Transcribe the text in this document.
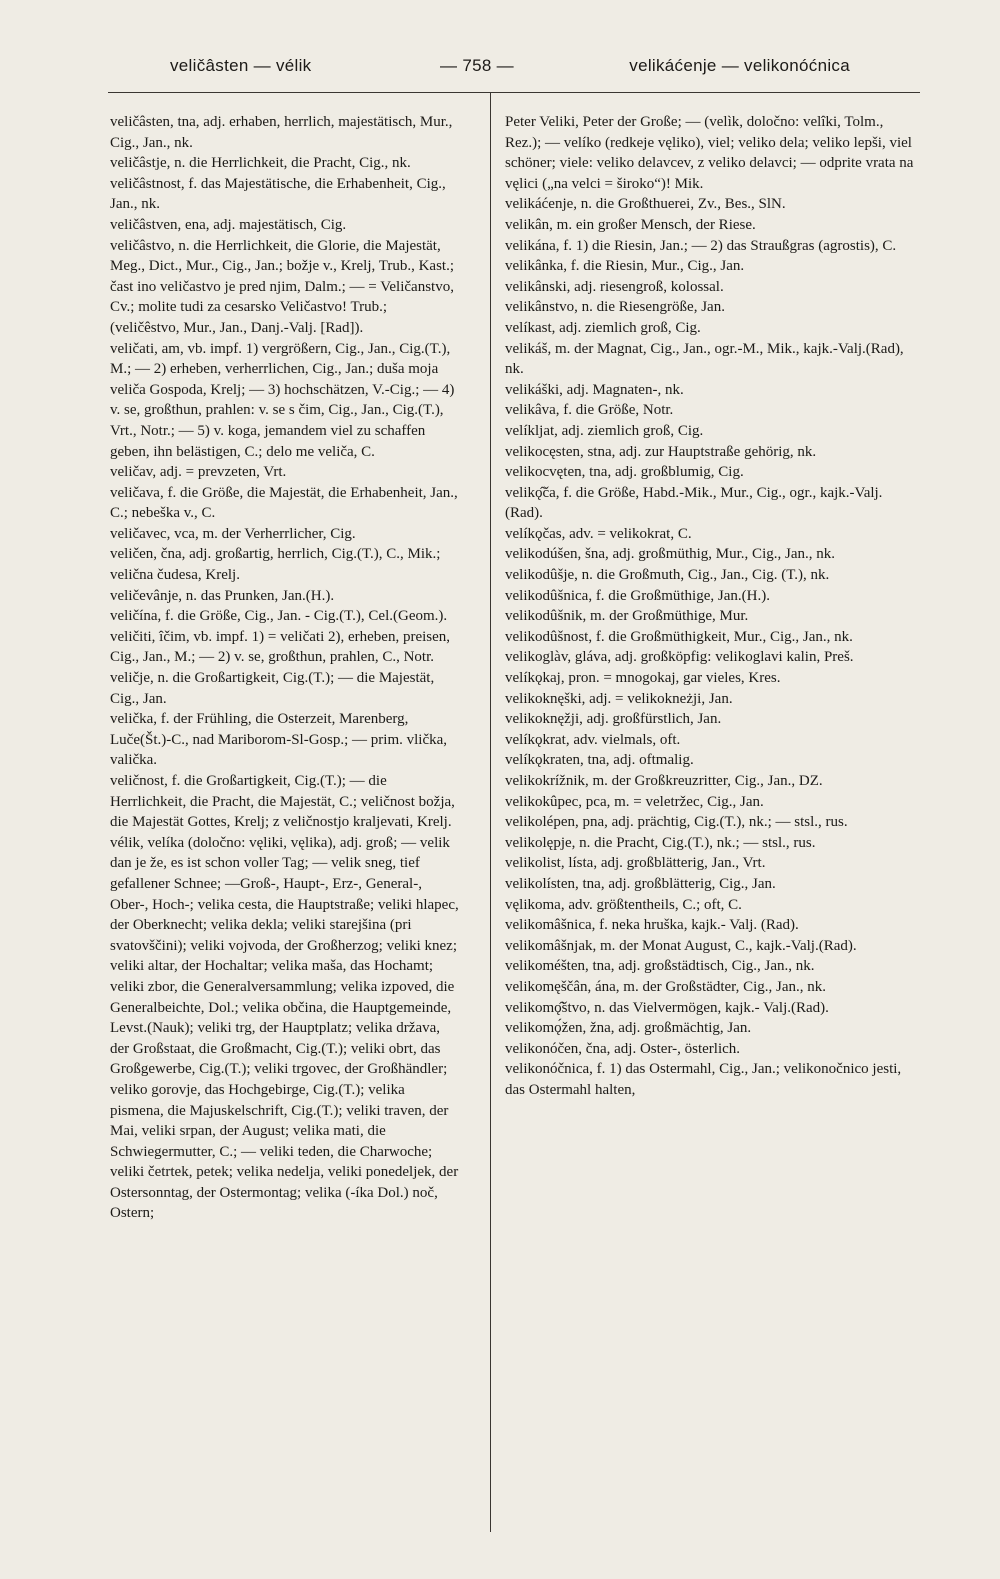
veličâsten — vélik	— 758 —	velikáćenje — velikonóćnica
veličâsten, tna, adj. erhaben, herrlich, majestätisch, Mur., Cig., Jan., nk.
veličâstje, n. die Herrlichkeit, die Pracht, Cig., nk.
veličâstnost, f. das Majestätische, die Erhabenheit, Cig., Jan., nk.
veličâstven, ena, adj. majestätisch, Cig.
veličâstvo, n. die Herrlichkeit, die Glorie, die Majestät, Meg., Dict., Mur., Cig., Jan.; božje v., Krelj, Trub., Kast.; čast ino veličastvo je pred njim, Dalm.; — = Veličanstvo, Cv.; molite tudi za cesarsko Veličastvo! Trub.; (veličêstvo, Mur., Jan., Danj.-Valj. [Rad]).
veličati, am, vb. impf. 1) vergrößern, Cig., Jan., Cig.(T.), M.; — 2) erheben, verherrlichen, Cig., Jan.; duša moja veliča Gospoda, Krelj; — 3) hochschätzen, V.-Cig.; — 4) v. se, großthun, prahlen: v. se s čim, Cig., Jan., Cig.(T.), Vrt., Notr.; — 5) v. koga, jemandem viel zu schaffen geben, ihn belästigen, C.; delo me veliča, C.
veličav, adj. = prevzeten, Vrt.
veličava, f. die Größe, die Majestät, die Erhabenheit, Jan., C.; nebeška v., C.
veličavec, vca, m. der Verherrlicher, Cig.
veličen, čna, adj. großartig, herrlich, Cig.(T.), C., Mik.; velična čudesa, Krelj.
veličevânje, n. das Prunken, Jan.(H.).
veličína, f. die Größe, Cig., Jan. - Cig.(T.), Cel.(Geom.).
veličiti, îčim, vb. impf. 1) = veličati 2), erheben, preisen, Cig., Jan., M.; — 2) v. se, großthun, prahlen, C., Notr.
veličje, n. die Großartigkeit, Cig.(T.); — die Majestät, Cig., Jan.
velička, f. der Frühling, die Osterzeit, Marenberg, Luče(Št.)-C., nad Mariborom-Sl-Gosp.; — prim. vlička, valička.
veličnost, f. die Großartigkeit, Cig.(T.); — die Herrlichkeit, die Pracht, die Majestät, C.; veličnost božja, die Majestät Gottes, Krelj; z veličnostjo kraljevati, Krelj.
vélik, velíka (določno: vęliki, vęlika), adj. groß; — velik dan je že, es ist schon voller Tag; — velik sneg, tief gefallener Schnee; —Groß-, Haupt-, Erz-, General-, Ober-, Hoch-; velika cesta, die Hauptstraße; veliki hlapec, der Oberknecht; velika dekla; veliki starejšina (pri svatovščini); veliki vojvoda, der Großherzog; veliki knez; veliki altar, der Hochaltar; velika maša, das Hochamt; veliki zbor, die Generalversammlung; velika izpoved, die Generalbeichte, Dol.; velika občina, die Hauptgemeinde, Levst.(Nauk); veliki trg, der Hauptplatz; velika država, der Großstaat, die Großmacht, Cig.(T.); veliki obrt, das Großgewerbe, Cig.(T.); veliki trgovec, der Großhändler; veliko gorovje, das Hochgebirge, Cig.(T.); velika pismena, die Majuskelschrift, Cig.(T.); veliki traven, der Mai, veliki srpan, der August; velika mati, die Schwiegermutter, C.; — veliki teden, die Charwoche; veliki četrtek, petek; velika nedelja, veliki ponedeljek, der Ostersonntag, der Ostermontag; velika (-íka Dol.) noč, Ostern;
Peter Veliki, Peter der Große; — (velìk, določno: velîki, Tolm., Rez.); — velíko (redkeje vęliko), viel; veliko dela; veliko lepši, viel schöner; viele: veliko delavcev, z veliko delavci; — odprite vrata na vęlici („na velci = široko“)! Mik.
velikáćenje, n. die Großthuerei, Zv., Bes., SlN.
velikân, m. ein großer Mensch, der Riese.
velikána, f. 1) die Riesin, Jan.; — 2) das Straußgras (agrostis), C.
velikânka, f. die Riesin, Mur., Cig., Jan.
velikânski, adj. riesengroß, kolossal.
velikânstvo, n. die Riesengröße, Jan.
velíkast, adj. ziemlich groß, Cig.
velikáš, m. der Magnat, Cig., Jan., ogr.-M., Mik., kajk.-Valj.(Rad), nk.
velikáški, adj. Magnaten-, nk.
velikâva, f. die Größe, Notr.
velíkljat, adj. ziemlich groß, Cig.
velikocęsten, stna, adj. zur Hauptstraße gehörig, nk.
velikocvęten, tna, adj. großblumig, Cig.
velikǫ̂ča, f. die Größe, Habd.-Mik., Mur., Cig., ogr., kajk.-Valj.(Rad).
velíkǫčas, adv. = velikokrat, C.
velikodúšen, šna, adj. großmüthig, Mur., Cig., Jan., nk.
velikodûšje, n. die Großmuth, Cig., Jan., Cig. (T.), nk.
velikodûšnica, f. die Großmüthige, Jan.(H.).
velikodûšnik, m. der Großmüthige, Mur.
velikodûšnost, f. die Großmüthigkeit, Mur., Cig., Jan., nk.
velikoglàv, gláva, adj. großköpfig: velikoglavi kalin, Preš.
velíkǫkaj, pron. = mnogokaj, gar vieles, Kres.
velikoknęški, adj. = velikokneżji, Jan.
velikoknęžji, adj. großfürstlich, Jan.
velíkǫkrat, adv. vielmals, oft.
velíkǫkraten, tna, adj. oftmalig.
velikokrížnik, m. der Großkreuzritter, Cig., Jan., DZ.
velikokûpec, pca, m. = veletržec, Cig., Jan.
velikolépen, pna, adj. prächtig, Cig.(T.), nk.; — stsl., rus.
velikolępje, n. die Pracht, Cig.(T.), nk.; — stsl., rus.
velikolist, lísta, adj. großblätterig, Jan., Vrt.
velikolísten, tna, adj. großblätterig, Cig., Jan.
vęlikoma, adv. größtentheils, C.; oft, C.
velikomâšnica, f. neka hruška, kajk.- Valj. (Rad).
velikomâšnjak, m. der Monat August, C., kajk.-Valj.(Rad).
velikoméšten, tna, adj. großstädtisch, Cig., Jan., nk.
velikomęščân, ána, m. der Großstädter, Cig., Jan., nk.
velikomǫ̂štvo, n. das Vielvermögen, kajk.- Valj.(Rad).
velikomǫ́žen, žna, adj. großmächtig, Jan.
velikonóčen, čna, adj. Oster-, österlich.
velikonóčnica, f. 1) das Ostermahl, Cig., Jan.; velikonočnico jesti, das Ostermahl halten,
